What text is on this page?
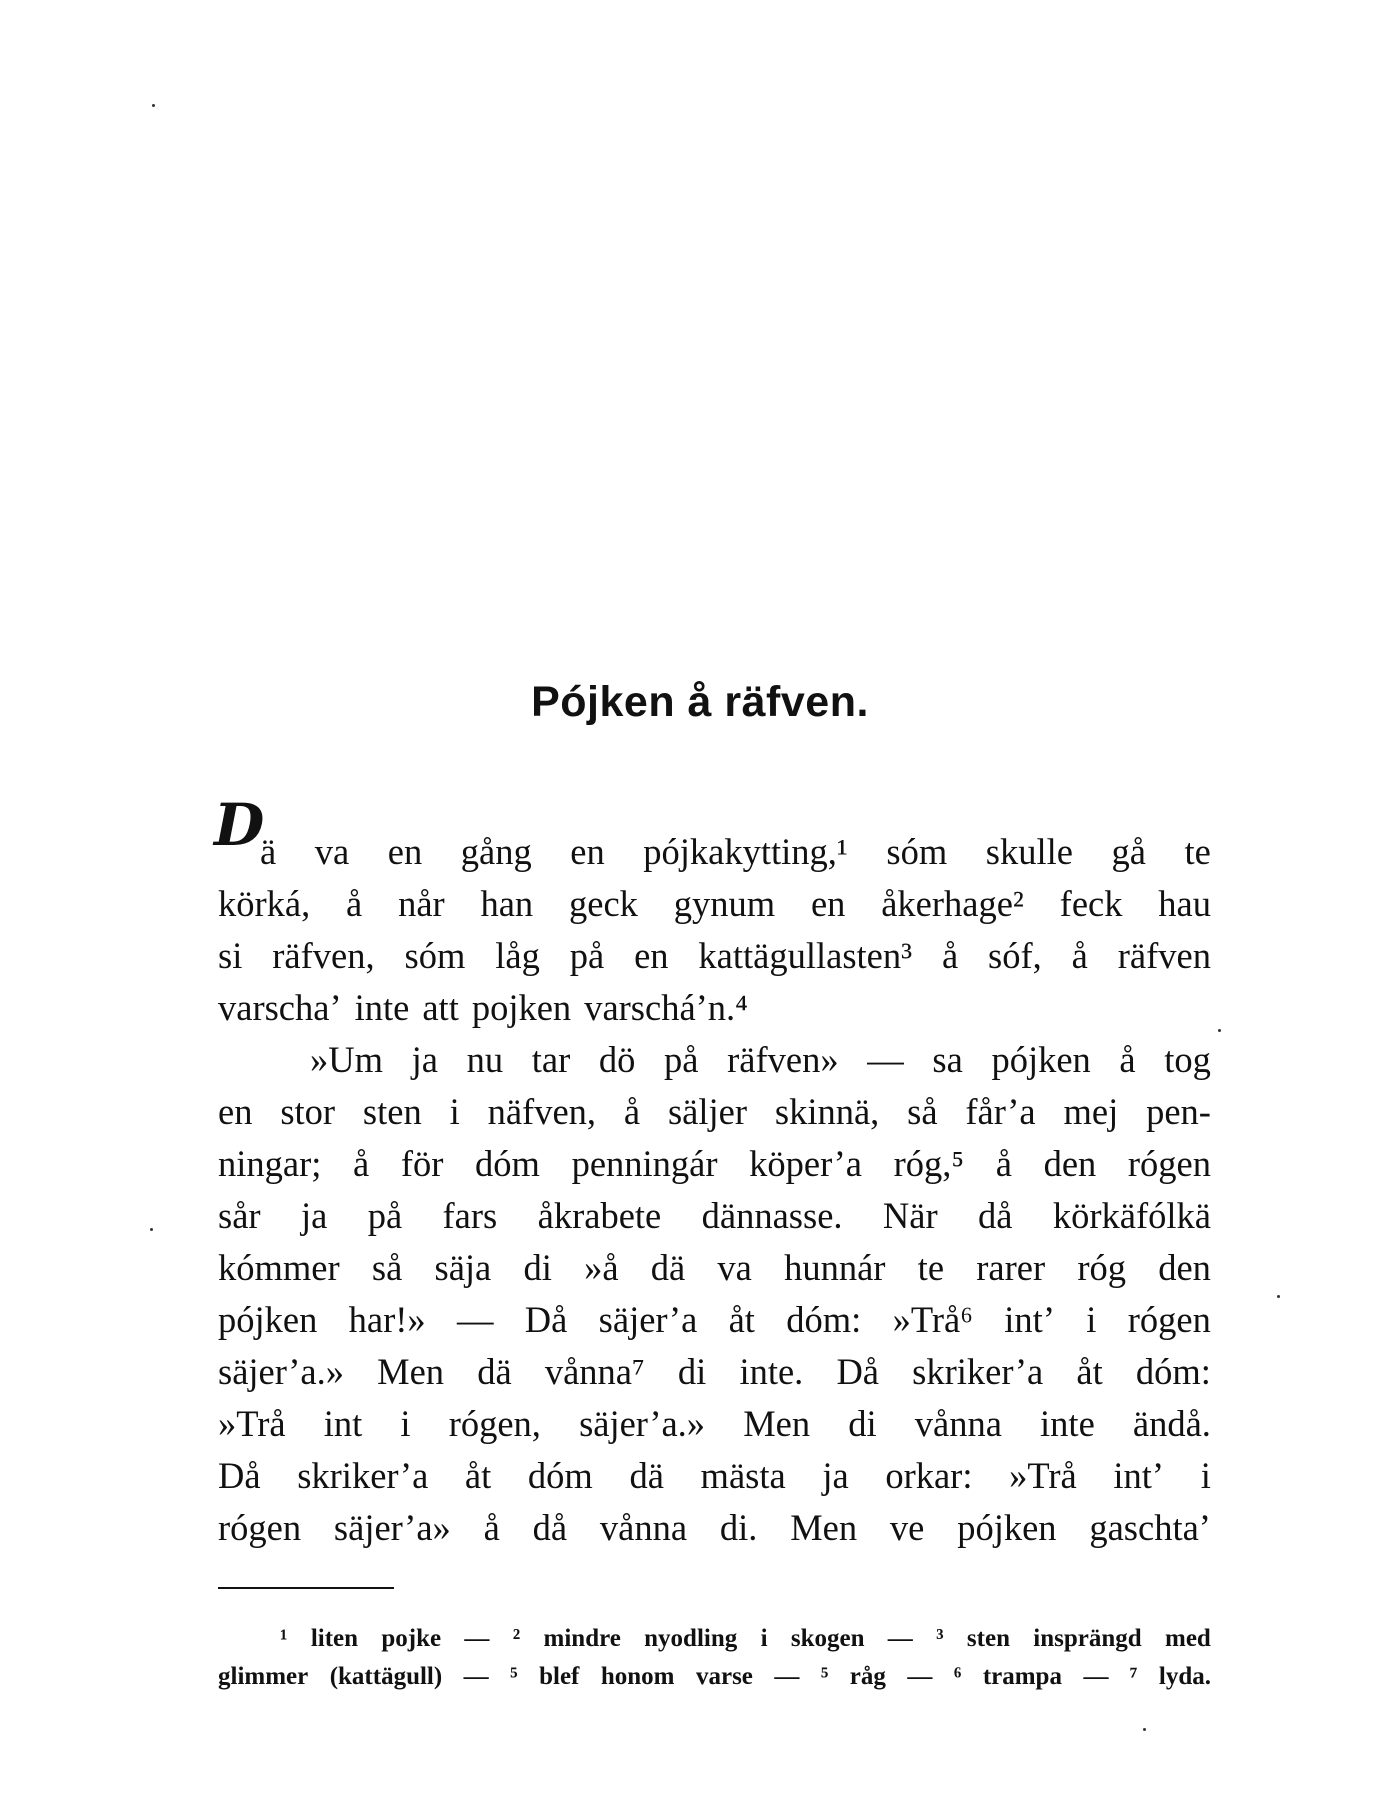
Pójken å räfven.
D
ä va en gång en pójkakytting,¹ sóm skulle gå te
körká, å når han geck gynum en åkerhage² feck hau
si räfven, sóm låg på en kattägullasten³ å sóf, å räfven
varscha’ inte att pojken varschá’n.⁴
»Um ja nu tar dö på räfven» — sa pójken å tog
en stor sten i näfven, å säljer skinnä, så får’a mej pen-
ningar; å för dóm penningár köper’a róg,⁵ å den rógen
sår ja på fars åkrabete dännasse. När då körkäfólkä
kómmer så säja di »å dä va hunnár te rarer róg den
pójken har!» — Då säjer’a åt dóm: »Trå⁶ int’ i rógen
säjer’a.» Men dä vånna⁷ di inte. Då skriker’a åt dóm:
»Trå int i rógen, säjer’a.» Men di vånna inte ändå.
Då skriker’a åt dóm dä mästa ja orkar: »Trå int’ i
rógen säjer’a» å då vånna di. Men ve pójken gaschta’
¹ liten pojke — ² mindre nyodling i skogen — ³ sten insprängd med
glimmer (kattägull) — ⁵ blef honom varse — ⁵ råg — ⁶ trampa — ⁷ lyda.
